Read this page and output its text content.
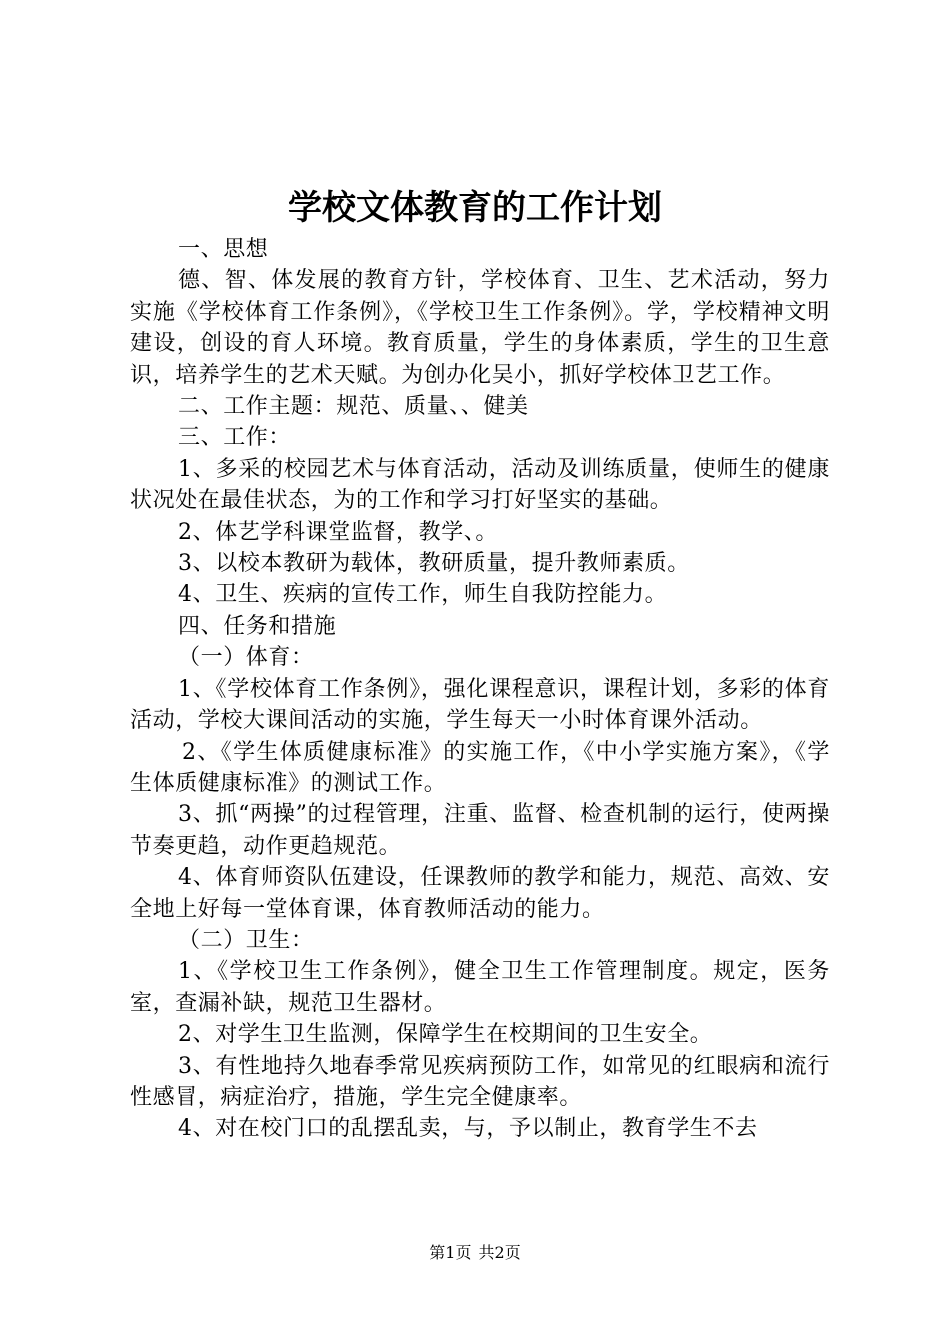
学校文体教育的工作计划

一、思想

德、智、体发展的教育方针，学校体育、卫生、艺术活动，努力实施《学校体育工作条例》，《学校卫生工作条例》。学，学校精神文明建设，创设的育人环境。教育质量，学生的身体素质，学生的卫生意识，培养学生的艺术天赋。为创办化吴小，抓好学校体卫艺工作。

二、工作主题：规范、质量、、健美

三、工作：

1、多采的校园艺术与体育活动，活动及训练质量，使师生的健康状况处在最佳状态，为的工作和学习打好坚实的基础。

2、体艺学科课堂监督，教学、。

3、以校本教研为载体，教研质量，提升教师素质。

4、卫生、疾病的宣传工作，师生自我防控能力。

四、任务和措施

（一）体育：

1、《学校体育工作条例》，强化课程意识，课程计划，多彩的体育活动，学校大课间活动的实施，学生每天一小时体育课外活动。

2、《学生体质健康标准》的实施工作，《中小学实施方案》，《学生体质健康标准》的测试工作。

3、抓“两操”的过程管理，注重、监督、检查机制的运行，使两操节奏更趋，动作更趋规范。

4、体育师资队伍建设，任课教师的教学和能力，规范、高效、安全地上好每一堂体育课，体育教师活动的能力。

（二）卫生：

1、《学校卫生工作条例》，健全卫生工作管理制度。规定，医务室，查漏补缺，规范卫生器材。

2、对学生卫生监测，保障学生在校期间的卫生安全。

3、有性地持久地春季常见疾病预防工作，如常见的红眼病和流行性感冒，病症治疗，措施，学生完全健康率。

4、对在校门口的乱摆乱卖，与，予以制止，教育学生不去

第1页 共2页
